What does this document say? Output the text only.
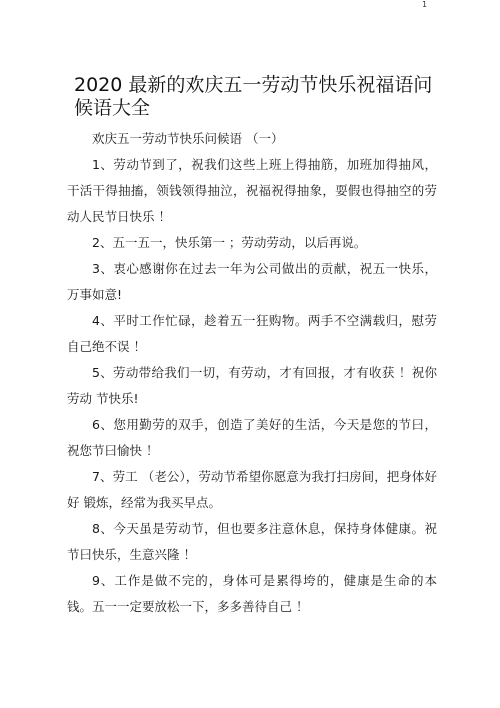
1
2020 最新的欢庆五一劳动节快乐祝福语问候语大全

欢庆五一劳动节快乐问候语 （一）

1、劳动节到了，祝我们这些上班上得抽筋，加班加得抽风，干活干得抽搐，领钱领得抽泣，祝福祝得抽象，耍假也得抽空的劳动人民节日快乐 ！

2、五一五一，快乐第一 ；劳动劳动，以后再说。

3、衷心感谢你在过去一年为公司做出的贡献，祝五一快乐，万事如意!

4、平时工作忙碌，趁着五一狂购物。两手不空满载归，慰劳自己绝不误 ！

5、劳动带给我们一切，有劳动，才有回报，才有收获 ！祝你劳动 节快乐!

6、您用勤劳的双手，创造了美好的生活，今天是您的节曰，祝您节曰愉快 ！

7、劳工 （老公），劳动节希望你愿意为我打扫房间，把身体好好 锻炼，经常为我买早点。

8、今天虽是劳动节，但也要多注意休息，保持身体健康。祝节曰快乐，生意兴隆 ！

9、工作是做不完的，身体可是累得垮的，健康是生命的本钱。五一一定要放松一下，多多善待自己 ！
